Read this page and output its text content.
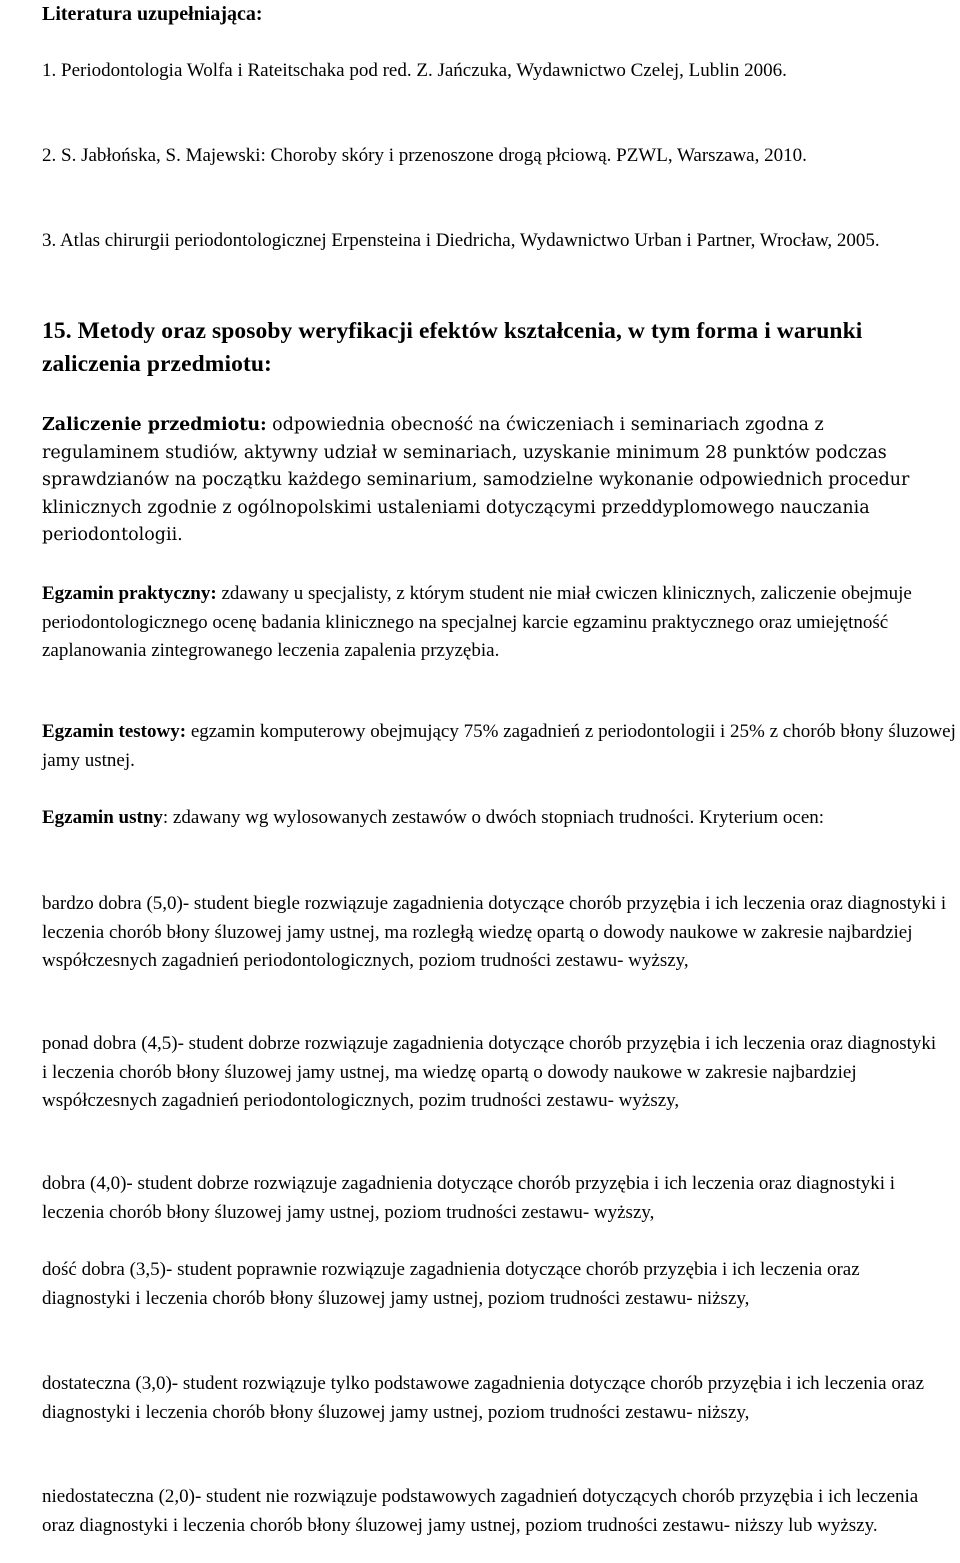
Literatura uzupełniająca:
1. Periodontologia Wolfa i Rateitschaka pod red. Z. Jańczuka, Wydawnictwo Czelej, Lublin 2006.
2. S. Jabłońska, S. Majewski: Choroby skóry i przenoszone drogą płciową. PZWL, Warszawa, 2010.
3. Atlas chirurgii periodontologicznej Erpensteina i Diedricha, Wydawnictwo Urban i Partner, Wrocław, 2005.
15. Metody oraz sposoby weryfikacji efektów kształcenia, w tym forma i warunki zaliczenia przedmiotu:

Zaliczenie przedmiotu: odpowiednia obecność na ćwiczeniach i seminariach zgodna z regulaminem studiów, aktywny udział w seminariach, uzyskanie minimum 28 punktów podczas sprawdzianów na początku każdego seminarium, samodzielne wykonanie odpowiednich procedur klinicznych zgodnie z ogólnopolskimi ustaleniami dotyczącymi przeddyplomowego nauczania periodontologii.

Egzamin praktyczny: zdawany u specjalisty, z którym student nie miał cwiczen klinicznych, zaliczenie obejmuje periodontologicznego ocenę badania klinicznego na specjalnej karcie egzaminu praktycznego oraz umiejętność zaplanowania zintegrowanego leczenia zapalenia przyzębia.

Egzamin testowy: egzamin komputerowy obejmujący 75% zagadnień z periodontologii i 25% z chorób błony śluzowej jamy ustnej.

Egzamin ustny: zdawany wg wylosowanych zestawów o dwóch stopniach trudności. Kryterium ocen:

bardzo dobra (5,0)- student biegle rozwiązuje zagadnienia dotyczące chorób przyzębia i ich leczenia oraz diagnostyki i leczenia chorób błony śluzowej jamy ustnej, ma rozległą wiedzę opartą o dowody naukowe w zakresie najbardziej współczesnych zagadnień periodontologicznych, poziom trudności zestawu- wyższy,

ponad dobra (4,5)- student dobrze rozwiązuje zagadnienia dotyczące chorób przyzębia i ich leczenia oraz diagnostyki i leczenia chorób błony śluzowej jamy ustnej, ma wiedzę opartą o dowody naukowe w zakresie najbardziej współczesnych zagadnień periodontologicznych, pozim trudności zestawu- wyższy,

dobra (4,0)- student dobrze rozwiązuje zagadnienia dotyczące chorób przyzębia i ich leczenia oraz diagnostyki i leczenia chorób błony śluzowej jamy ustnej, poziom trudności zestawu- wyższy,

dość dobra (3,5)- student poprawnie rozwiązuje zagadnienia dotyczące chorób przyzębia i ich leczenia oraz diagnostyki i leczenia chorób błony śluzowej jamy ustnej, poziom trudności zestawu- niższy,

dostateczna (3,0)- student rozwiązuje tylko podstawowe zagadnienia dotyczące chorób przyzębia i ich leczenia oraz diagnostyki i leczenia chorób błony śluzowej jamy ustnej, poziom trudności zestawu- niższy,

niedostateczna (2,0)- student nie rozwiązuje podstawowych zagadnień dotyczących chorób przyzębia i ich leczenia oraz diagnostyki i leczenia chorób błony śluzowej jamy ustnej, poziom trudności zestawu- niższy lub wyższy.
